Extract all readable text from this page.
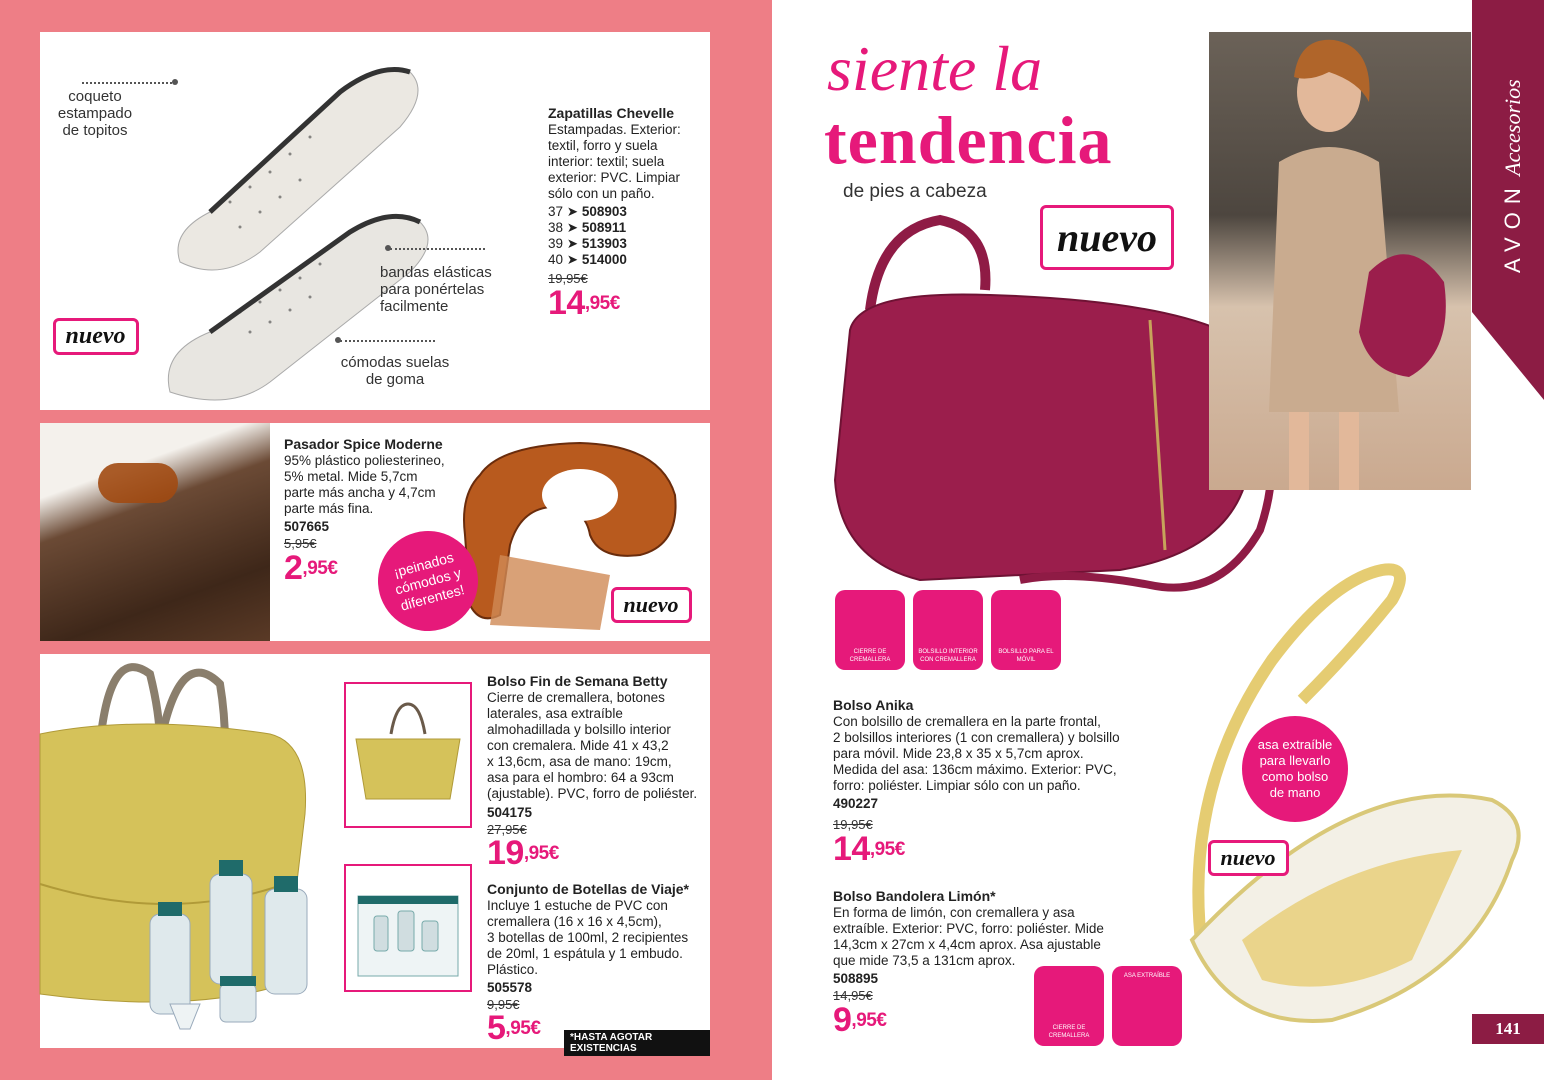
coqueto
estampado
de topitos
bandas elásticas
para ponértelas
facilmente
cómodas suelas
de goma
nuevo
Zapatillas Chevelle
Estampadas. Exterior:
textil, forro y suela
interior: textil; suela
exterior: PVC. Limpiar
sólo con un paño.
37 ➤ 508903
38 ➤ 508911
39 ➤ 513903
40 ➤ 514000
19,95€
$14^{,95€}$
Pasador Spice Moderne
95% plástico poliesterineo,
5% metal. Mide 5,7cm
parte más ancha y 4,7cm
parte más fina.
507665
5,95€
$2^{,95€}$	¡peinados
cómodos y
diferentes!	nuevo
Bolso Fin de Semana Betty
Cierre de cremallera, botones
laterales, asa extraíble
almohadillada y bolsillo interior
con cremalera. Mide 41 x 43,2
x 13,6cm, asa de mano: 19cm,
asa para el hombro: 64 a 93cm
(ajustable). PVC, forro de poliéster.
504175
27,95€
$19^{,95€}$
Conjunto de Botellas de Viaje*
Incluye 1 estuche de PVC con
cremallera (16 x 16 x 4,5cm),
3 botellas de 100ml, 2 recipientes
de 20ml, 1 espátula y 1 embudo.
Plástico.
505578
9,95€
$5^{,95€}$	*HASTA AGOTAR EXISTENCIAS
siente la
tendencia
de pies a cabeza
nuevo	AVON Accesorios
CIERRE DE CREMALLERA
BOLSILLO INTERIOR CON CREMALLERA
BOLSILLO PARA EL MÓVIL
Bolso Anika
Con bolsillo de cremallera en la parte frontal,
2 bolsillos interiores (1 con cremallera) y bolsillo
para móvil. Mide 23,8 x 35 x 5,7cm aprox.
Medida del asa: 136cm máximo. Exterior: PVC,
forro: poliéster. Limpiar sólo con un paño.
490227
19,95€
$14^{,95€}$
Bolso Bandolera Limón*
En forma de limón, con cremallera y asa
extraíble. Exterior: PVC, forro: poliéster. Mide
14,3cm x 27cm x 4,4cm aprox. Asa ajustable
que mide 73,5 a 131cm aprox.
508895
14,95€
$9^{,95€}$	CIERRE DE CREMALLERA
ASA EXTRAÍBLE
asa extraíble
para llevarlo
como bolso
de mano
nuevo
141
